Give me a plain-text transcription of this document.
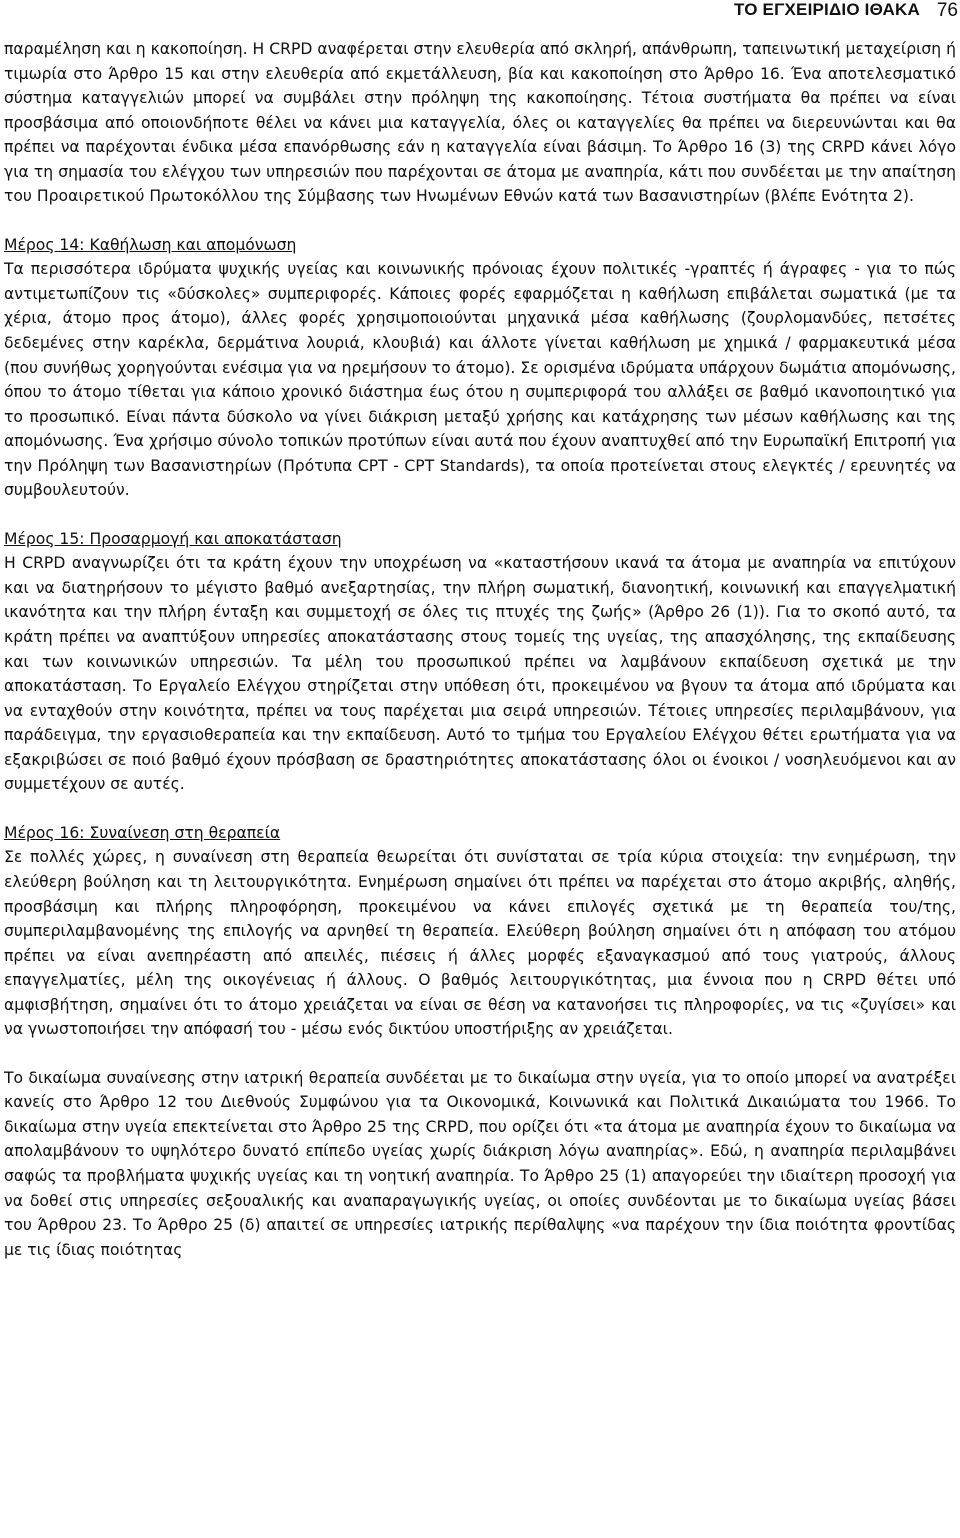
ΤΟ ΕΓΧΕΙΡΙΔΙΟ ΙΘΑΚΑ 76

παραμέληση και η κακοποίηση. Η CRPD αναφέρεται στην ελευθερία από σκληρή, απάνθρωπη, ταπεινωτική μεταχείριση ή τιμωρία στο Άρθρο 15 και στην ελευθερία από εκμετάλλευση, βία και κακοποίηση στο Άρθρο 16. Ένα αποτελεσματικό σύστημα καταγγελιών μπορεί να συμβάλει στην πρόληψη της κακοποίησης. Τέτοια συστήματα θα πρέπει να είναι προσβάσιμα από οποιονδήποτε θέλει να κάνει μια καταγγελία, όλες οι καταγγελίες θα πρέπει να διερευνώνται και θα πρέπει να παρέχονται ένδικα μέσα επανόρθωσης εάν η καταγγελία είναι βάσιμη. Το Άρθρο 16 (3) της CRPD κάνει λόγο για τη σημασία του ελέγχου των υπηρεσιών που παρέχονται σε άτομα με αναπηρία, κάτι που συνδέεται με την απαίτηση του Προαιρετικού Πρωτοκόλλου της Σύμβασης των Ηνωμένων Εθνών κατά των Βασανιστηρίων (βλέπε Ενότητα 2).

Μέρος 14: Καθήλωση και απομόνωση

Τα περισσότερα ιδρύματα ψυχικής υγείας και κοινωνικής πρόνοιας έχουν πολιτικές -γραπτές ή άγραφες - για το πώς αντιμετωπίζουν τις «δύσκολες» συμπεριφορές. Κάποιες φορές εφαρμόζεται η καθήλωση επιβάλεται σωματικά (με τα χέρια, άτομο προς άτομο), άλλες φορές χρησιμοποιούνται μηχανικά μέσα καθήλωσης (ζουρλομανδύες, πετσέτες δεδεμένες στην καρέκλα, δερμάτινα λουριά, κλουβιά) και άλλοτε γίνεται καθήλωση με χημικά / φαρμακευτικά μέσα (που συνήθως χορηγούνται ενέσιμα για να ηρεμήσουν το άτομο). Σε ορισμένα ιδρύματα υπάρχουν δωμάτια απομόνωσης, όπου το άτομο τίθεται για κάποιο χρονικό διάστημα έως ότου η συμπεριφορά του αλλάξει σε βαθμό ικανοποιητικό για το προσωπικό. Είναι πάντα δύσκολο να γίνει διάκριση μεταξύ χρήσης και κατάχρησης των μέσων καθήλωσης και της απομόνωσης. Ένα χρήσιμο σύνολο τοπικών προτύπων είναι αυτά που έχουν αναπτυχθεί από την Ευρωπαϊκή Επιτροπή για την Πρόληψη των Βασανιστηρίων (Πρότυπα CPT - CPT Standards), τα οποία προτείνεται στους ελεγκτές / ερευνητές να συμβουλευτούν.

Μέρος 15: Προσαρμογή και αποκατάσταση

Η CRPD αναγνωρίζει ότι τα κράτη έχουν την υποχρέωση να «καταστήσουν ικανά τα άτομα με αναπηρία να επιτύχουν και να διατηρήσουν το μέγιστο βαθμό ανεξαρτησίας, την πλήρη σωματική, διανοητική, κοινωνική και επαγγελματική ικανότητα και την πλήρη ένταξη και συμμετοχή σε όλες τις πτυχές της ζωής» (Άρθρο 26 (1)). Για το σκοπό αυτό, τα κράτη πρέπει να αναπτύξουν υπηρεσίες αποκατάστασης στους τομείς της υγείας, της απασχόλησης, της εκπαίδευσης και των κοινωνικών υπηρεσιών. Τα μέλη του προσωπικού πρέπει να λαμβάνουν εκπαίδευση σχετικά με την αποκατάσταση. Το Εργαλείο Ελέγχου στηρίζεται στην υπόθεση ότι, προκειμένου να βγουν τα άτομα από ιδρύματα και να ενταχθούν στην κοινότητα, πρέπει να τους παρέχεται μια σειρά υπηρεσιών. Τέτοιες υπηρεσίες περιλαμβάνουν, για παράδειγμα, την εργασιοθεραπεία και την εκπαίδευση. Αυτό το τμήμα του Εργαλείου Ελέγχου θέτει ερωτήματα για να εξακριβώσει σε ποιό βαθμό έχουν πρόσβαση σε δραστηριότητες αποκατάστασης όλοι οι ένοικοι / νοσηλευόμενοι και αν συμμετέχουν σε αυτές.

Μέρος 16: Συναίνεση στη θεραπεία

Σε πολλές χώρες, η συναίνεση στη θεραπεία θεωρείται ότι συνίσταται σε τρία κύρια στοιχεία: την ενημέρωση, την ελεύθερη βούληση και τη λειτουργικότητα. Ενημέρωση σημαίνει ότι πρέπει να παρέχεται στο άτομο ακριβής, αληθής, προσβάσιμη και πλήρης πληροφόρηση, προκειμένου να κάνει επιλογές σχετικά με τη θεραπεία του/της, συμπεριλαμβανομένης της επιλογής να αρνηθεί τη θεραπεία. Ελεύθερη βούληση σημαίνει ότι η απόφαση του ατόμου πρέπει να είναι ανεπηρέαστη από απειλές, πιέσεις ή άλλες μορφές εξαναγκασμού από τους γιατρούς, άλλους επαγγελματίες, μέλη της οικογένειας ή άλλους. Ο βαθμός λειτουργικότητας, μια έννοια που η CRPD θέτει υπό αμφισβήτηση, σημαίνει ότι το άτομο χρειάζεται να είναι σε θέση να κατανοήσει τις πληροφορίες, να τις «ζυγίσει» και να γνωστοποιήσει την απόφασή του - μέσω ενός δικτύου υποστήριξης αν χρειάζεται.

Το δικαίωμα συναίνεσης στην ιατρική θεραπεία συνδέεται με το δικαίωμα στην υγεία, για το οποίο μπορεί να ανατρέξει κανείς στο Άρθρο 12 του Διεθνούς Συμφώνου για τα Οικονομικά, Κοινωνικά και Πολιτικά Δικαιώματα του 1966. Το δικαίωμα στην υγεία επεκτείνεται στο Άρθρο 25 της CRPD, που ορίζει ότι «τα άτομα με αναπηρία έχουν το δικαίωμα να απολαμβάνουν το υψηλότερο δυνατό επίπεδο υγείας χωρίς διάκριση λόγω αναπηρίας». Εδώ, η αναπηρία περιλαμβάνει σαφώς τα προβλήματα ψυχικής υγείας και τη νοητική αναπηρία. Το Άρθρο 25 (1) απαγορεύει την ιδιαίτερη προσοχή για να δοθεί στις υπηρεσίες σεξουαλικής και αναπαραγωγικής υγείας, οι οποίες συνδέονται με το δικαίωμα υγείας βάσει του Άρθρου 23. Το Άρθρο 25 (δ) απαιτεί σε υπηρεσίες ιατρικής περίθαλψης «να παρέχουν την ίδια ποιότητα φροντίδας με τις ίδιας ποιότητας
